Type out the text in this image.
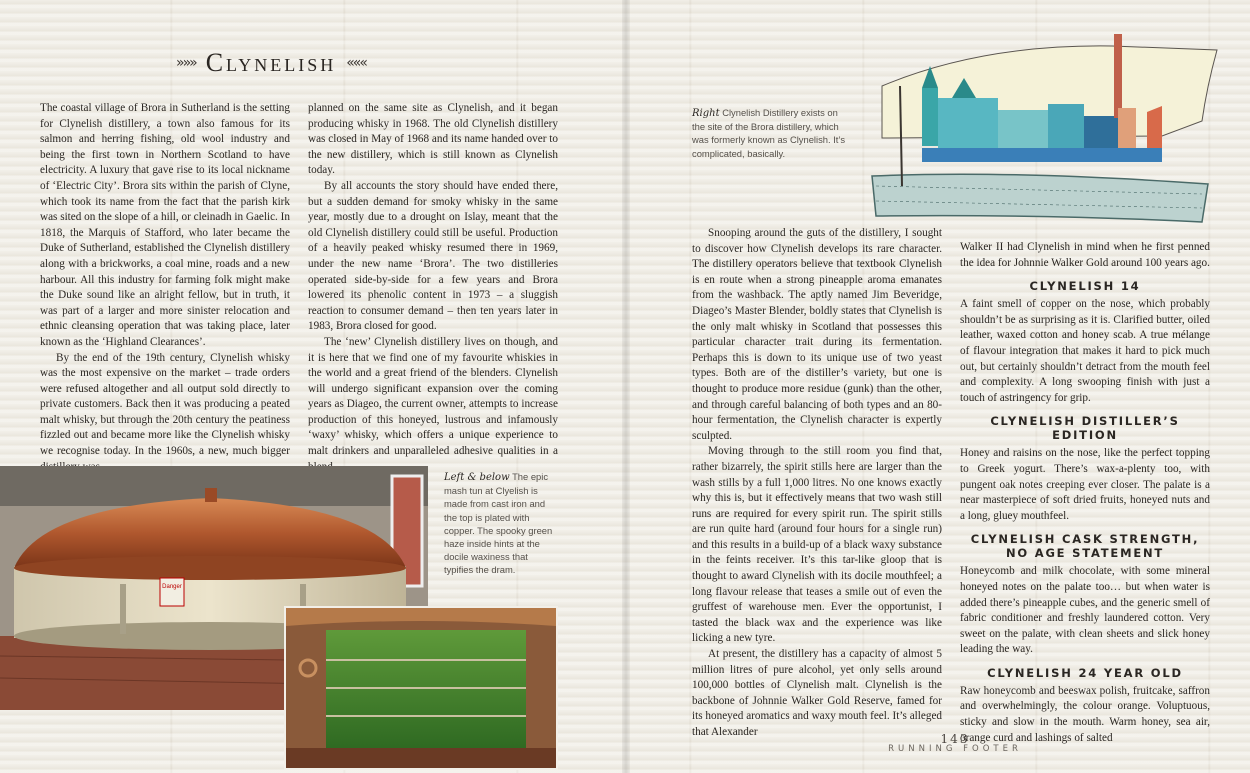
»»» Clynelish «««

The coastal village of Brora in Sutherland is the setting for Clynelish distillery, a town also famous for its salmon and herring fishing, old wool industry and being the first town in Northern Scotland to have electricity. A luxury that gave rise to its local nickname of ‘Electric City’. Brora sits within the parish of Clyne, which took its name from the fact that the parish kirk was sited on the slope of a hill, or cleinadh in Gaelic. In 1818, the Marquis of Stafford, who later became the Duke of Sutherland, established the Clynelish distillery along with a brickworks, a coal mine, roads and a new harbour. All this industry for farming folk might make the Duke sound like an alright fellow, but in truth, it was part of a larger and more sinister relocation and ethnic cleansing operation that was taking place, later known as the ‘Highland Clearances’.

By the end of the 19th century, Clynelish whisky was the most expensive on the market – trade orders were refused altogether and all output sold directly to private customers. Back then it was producing a peated malt whisky, but through the 20th century the peatiness fizzled out and became more like the Clynelish whisky we recognise today. In the 1960s, a new, much bigger

planned on the same site as Clynelish, and it began producing whisky in 1968. The old Clynelish distillery was closed in May of 1968 and its name handed over to the new distillery, which is still known as Clynelish today.

By all accounts the story should have ended there, but a sudden demand for smoky whisky in the same year, mostly due to a drought on Islay, meant that the old Clynelish distillery could still be useful. Production of a heavily peaked whisky resumed there in 1969, under the new name ‘Brora’. The two distilleries operated side-by-side for a few years and Brora lowered its phenolic content in 1973 – a sluggish reaction to consumer demand – then ten years later in 1983, Brora closed for good.

The ‘new’ Clynelish distillery lives on though, and it is here that we find one of my favourite whiskies in the world and a great friend of the blenders. Clynelish will undergo significant expansion over the coming years as Diageo, the current owner, attempts to increase production of this honeyed, lustrous and infamously ‘waxy’ whisky, which offers a unique experience to malt drinkers and unparalleled adhesive qualities in a

Danger
Left & below The epic mash tun at Clyelish is made from cast iron and the top is plated with copper. The spooky green haze inside hints at the docile waxiness that typifies the dram.
Right Clynelish Distillery exists on the site of the Brora distillery, which was formerly known as Clynelish. It’s complicated, basically.

Snooping around the guts of the distillery, I sought to discover how Clynelish develops its rare character. The distillery operators believe that textbook Clynelish is en route when a strong pineapple aroma emanates from the washback. The aptly named Jim Beveridge, Diageo’s Master Blender, boldly states that Clynelish is the only malt whisky in Scotland that possesses this particular character trait during its fermentation. Perhaps this is down to its unique use of two yeast types. Both are of the distiller’s variety, but one is thought to produce more residue (gunk) than the other, and through careful balancing of both types and an 80-hour fermentation, the Clynelish character is expertly sculpted.

Moving through to the still room you find that, rather bizarrely, the spirit stills here are larger than the wash stills by a full 1,000 litres. No one knows exactly why this is, but it effectively means that two wash still runs are required for every spirit run. The spirit stills are run quite hard (around four hours for a single run) and this results in a build-up of a black waxy substance in the feints receiver. It’s this tar-like gloop that is thought to award Clynelish with its docile mouthfeel; a long flavour release that teases a smile out of even the gruffest of warehouse men. Ever the opportunist, I tasted the black wax and the experience was like licking a new tyre.

At present, the distillery has a capacity of almost 5 million litres of pure alcohol, yet only sells around 100,000 bottles of Clynelish malt. Clynelish is the backbone of Johnnie Walker Gold Reserve, famed for its honeyed aromatics and waxy mouth feel. It’s alleged that Alexander

Walker II had Clynelish in mind when he first penned the idea for Johnnie Walker Gold around 100 years ago.

CLYNELISH 14

A faint smell of copper on the nose, which probably shouldn’t be as surprising as it is. Clarified butter, oiled leather, waxed cotton and honey scab. A true mélange of flavour integration that makes it hard to pick much out, but certainly shouldn’t detract from the mouth feel and complexity. A long swooping finish with just a touch of astringency for grip.

CLYNELISH DISTILLER’S EDITION

Honey and raisins on the nose, like the perfect topping to Greek yogurt. There’s wax-a-plenty too, with pungent oak notes creeping ever closer. The palate is a near masterpiece of soft dried fruits, honeyed nuts and a long, gluey mouthfeel.

CLYNELISH CASK STRENGTH, NO AGE STATEMENT

Honeycomb and milk chocolate, with some mineral honeyed notes on the palate too… but when water is added there’s pineapple cubes, and the generic smell of fabric conditioner and freshly laundered cotton. Very sweet on the palate, with clean sheets and slick honey leading the way.

CLYNELISH 24 YEAR OLD

Raw honeycomb and beeswax polish, fruitcake, saffron and overwhelmingly, the colour orange. Voluptuous, sticky and slow in the mouth. Warm honey, sea air, orange curd and lashings of salted

143
RUNNING FOOTER
